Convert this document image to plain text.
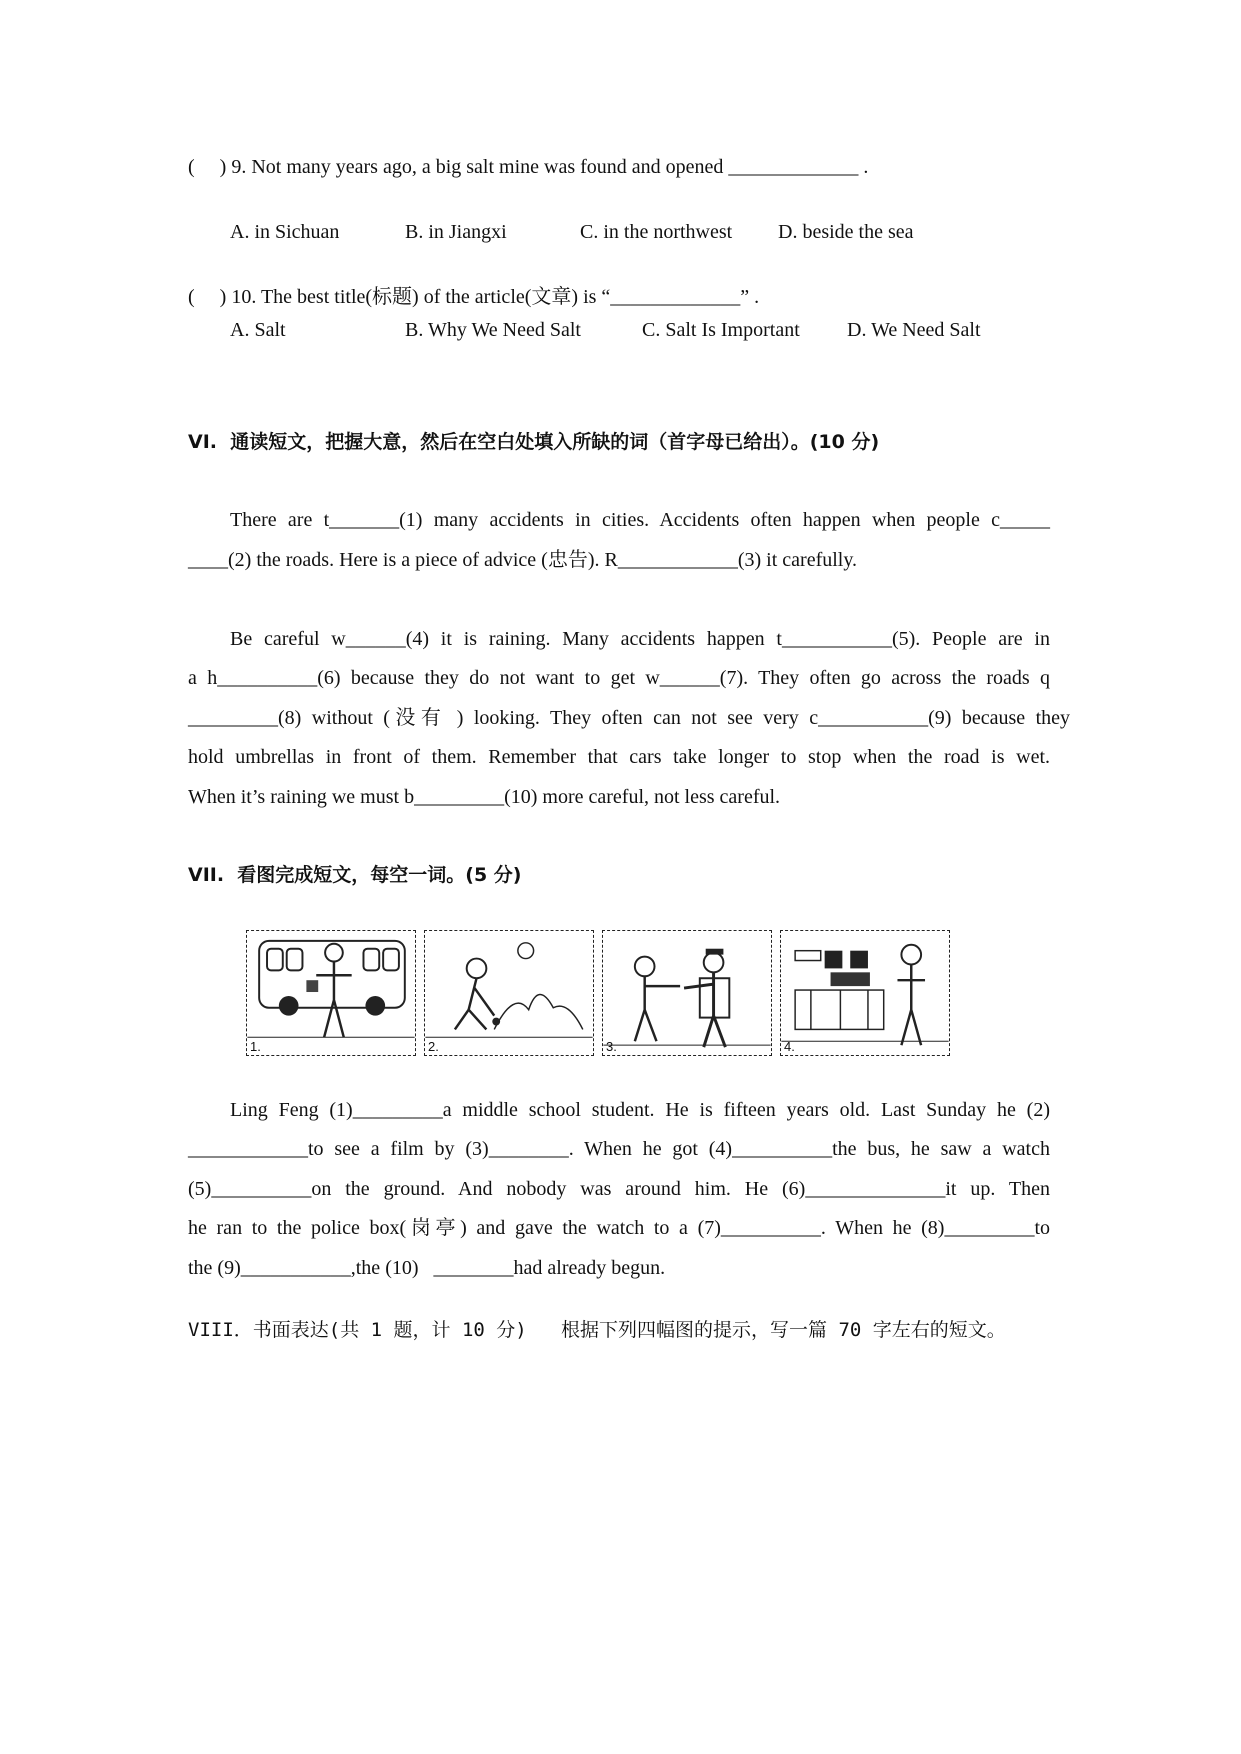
(     ) 9. Not many years ago, a big salt mine was found and opened _____________ .
A. in Sichuan	B. in Jiangxi	C. in the northwest D. beside the sea
(     ) 10. The best title(标题) of the article(文章) is “_____________” .
A. Salt	B. Why We Need Salt	C. Salt Is Important D. We Need Salt
VI.  通读短文，把握大意，然后在空白处填入所缺的词（首字母已给出）。(10 分)
There are t_______(1) many accidents in cities. Accidents often happen when people c_____
____(2) the roads. Here is a piece of advice (忠告). R____________(3) it carefully.
Be careful w______(4) it is raining. Many accidents happen t___________(5). People are in
a h__________(6) because they do not want to get w______(7). They often go across the roads q
_________(8) without (没有 ) looking. They often can not see very c___________(9) because they
hold umbrellas in front of them. Remember that cars take longer to stop when the road is wet.
When it’s raining we must b_________(10) more careful, not less careful.
VII.  看图完成短文，每空一词。(5 分)
1.	2.	3.	4.
Ling Feng (1)_________a middle school student. He is fifteen years old. Last Sunday he (2)
____________to see a film by (3)________. When he got (4)__________the bus, he saw a watch
(5)__________on the ground. And nobody was around him. He (6)______________it up. Then
he ran to the police box(岗亭) and gave the watch to a (7)__________. When he (8)_________to
the (9)___________,the (10)   ________had already begun.
VIII．书面表达(共 1 题，计 10 分)   根据下列四幅图的提示，写一篇 70 字左右的短文。
